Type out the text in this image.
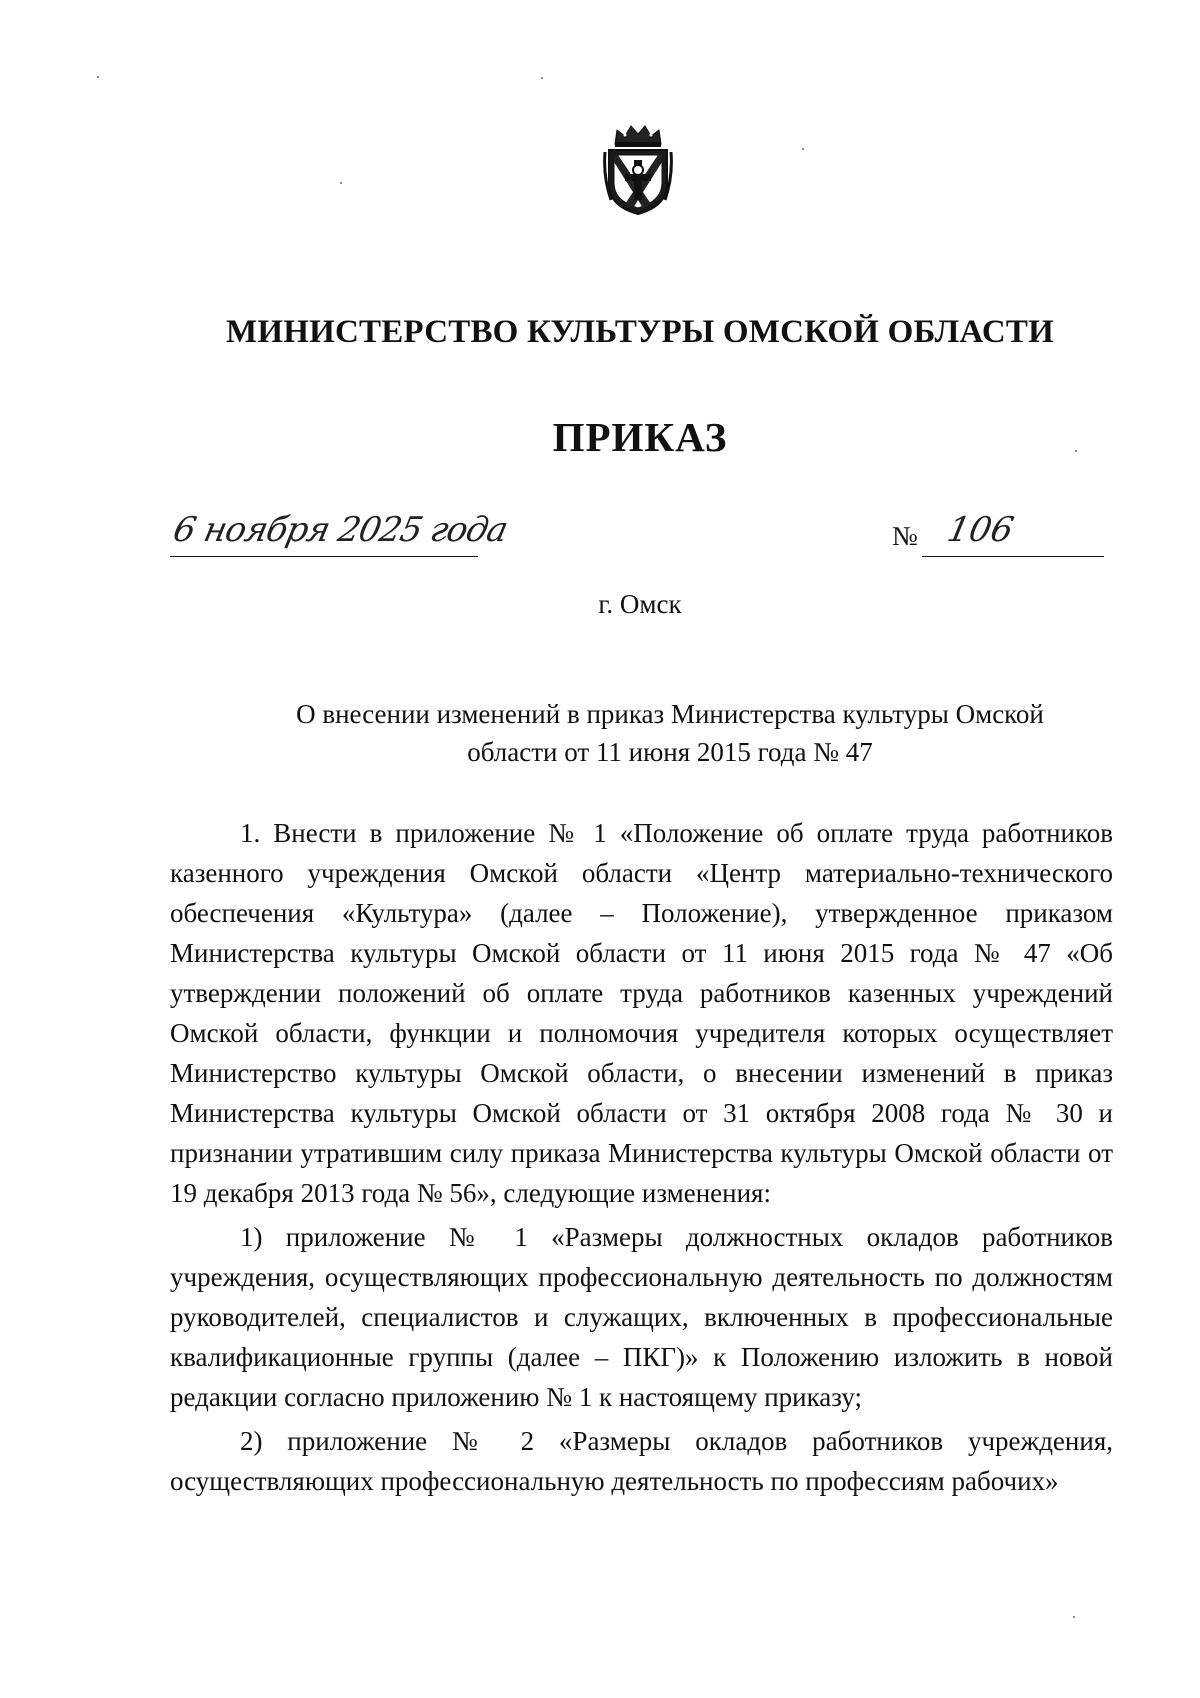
МИНИСТЕРСТВО КУЛЬТУРЫ ОМСКОЙ ОБЛАСТИ
ПРИКАЗ
6 ноября 2025 года	№ 106
г. Омск
О внесении изменений в приказ Министерства культуры Омской
области от 11 июня 2015 года № 47

1. Внести в приложение № 1 «Положение об оплате труда работников казенного учреждения Омской области «Центр материально-технического обеспечения «Культура» (далее – Положение), утвержденное приказом Министерства культуры Омской области от 11 июня 2015 года № 47 «Об утверждении положений об оплате труда работников казенных учреждений Омской области, функции и полномочия учредителя которых осуществляет Министерство культуры Омской области, о внесении изменений в приказ Министерства культуры Омской области от 31 октября 2008 года № 30 и признании утратившим силу приказа Министерства культуры Омской области от 19 декабря 2013 года № 56», следующие изменения:

1) приложение № 1 «Размеры должностных окладов работников учреждения, осуществляющих профессиональную деятельность по должностям руководителей, специалистов и служащих, включенных в профессиональные квалификационные группы (далее – ПКГ)» к Положению изложить в новой редакции согласно приложению № 1 к настоящему приказу;

2) приложение № 2 «Размеры окладов работников учреждения, осуществляющих профессиональную деятельность по профессиям рабочих»
